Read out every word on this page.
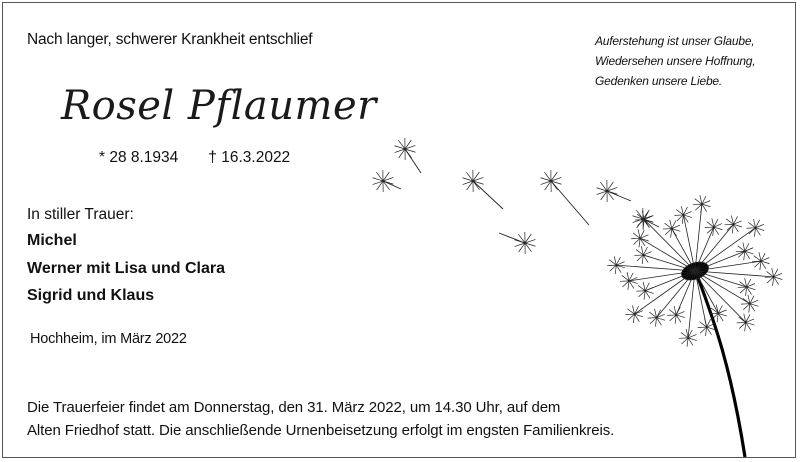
Nach langer, schwerer Krankheit entschlief	Auferstehung ist unser Glaube,
Wiedersehen unsere Hoffnung,
Gedenken unsere Liebe.
Rosel Pflaumer
* 28 8.1934 † 16.3.2022
In stiller Trauer:
Michel
Werner mit Lisa und Clara
Sigrid und Klaus
Hochheim, im März 2022
Die Trauerfeier findet am Donnerstag, den 31. März 2022, um 14.30 Uhr, auf dem
Alten Friedhof statt. Die anschließende Urnenbeisetzung erfolgt im engsten Familienkreis.
